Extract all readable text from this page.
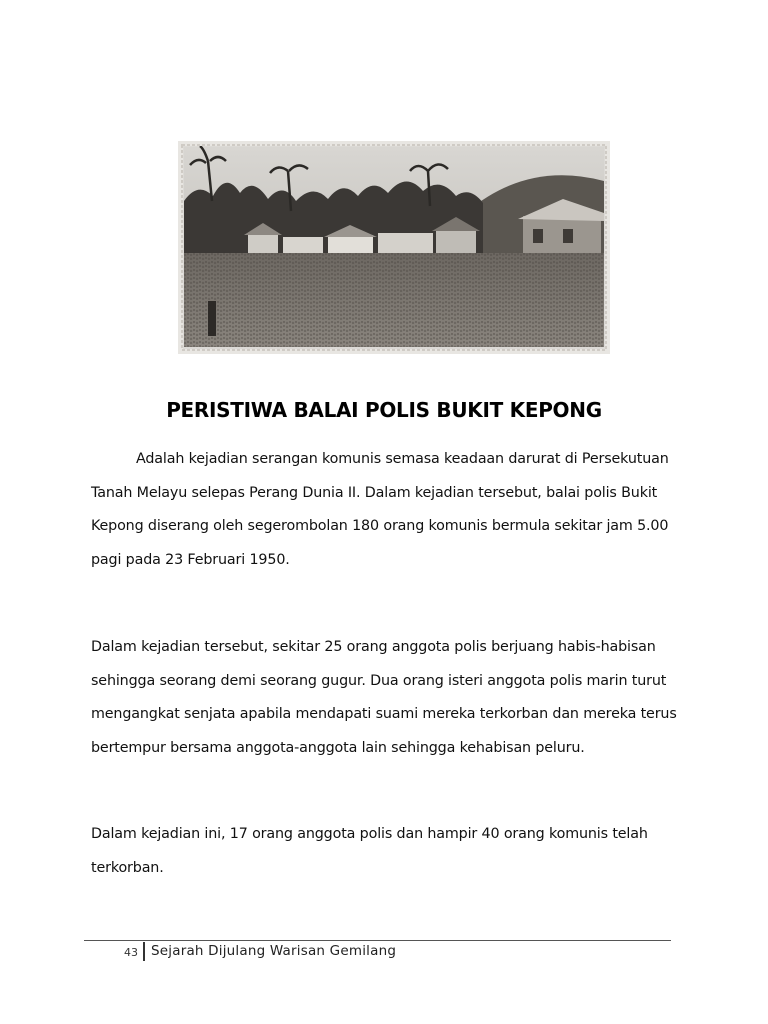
PERISTIWA BALAI POLIS BUKIT KEPONG

Adalah kejadian serangan komunis semasa keadaan darurat di Persekutuan Tanah Melayu selepas Perang Dunia II. Dalam kejadian tersebut, balai polis Bukit Kepong diserang oleh segerombolan 180 orang komunis bermula sekitar jam 5.00 pagi pada 23 Februari 1950.

Dalam kejadian tersebut, sekitar 25 orang anggota polis berjuang habis-habisan sehingga seorang demi seorang gugur. Dua orang isteri anggota polis marin turut mengangkat senjata apabila mendapati suami mereka terkorban dan mereka terus bertempur bersama anggota-anggota lain sehingga kehabisan peluru.

Dalam kejadian ini, 17 orang anggota polis dan hampir 40 orang komunis telah terkorban.

43 Sejarah Dijulang Warisan Gemilang
